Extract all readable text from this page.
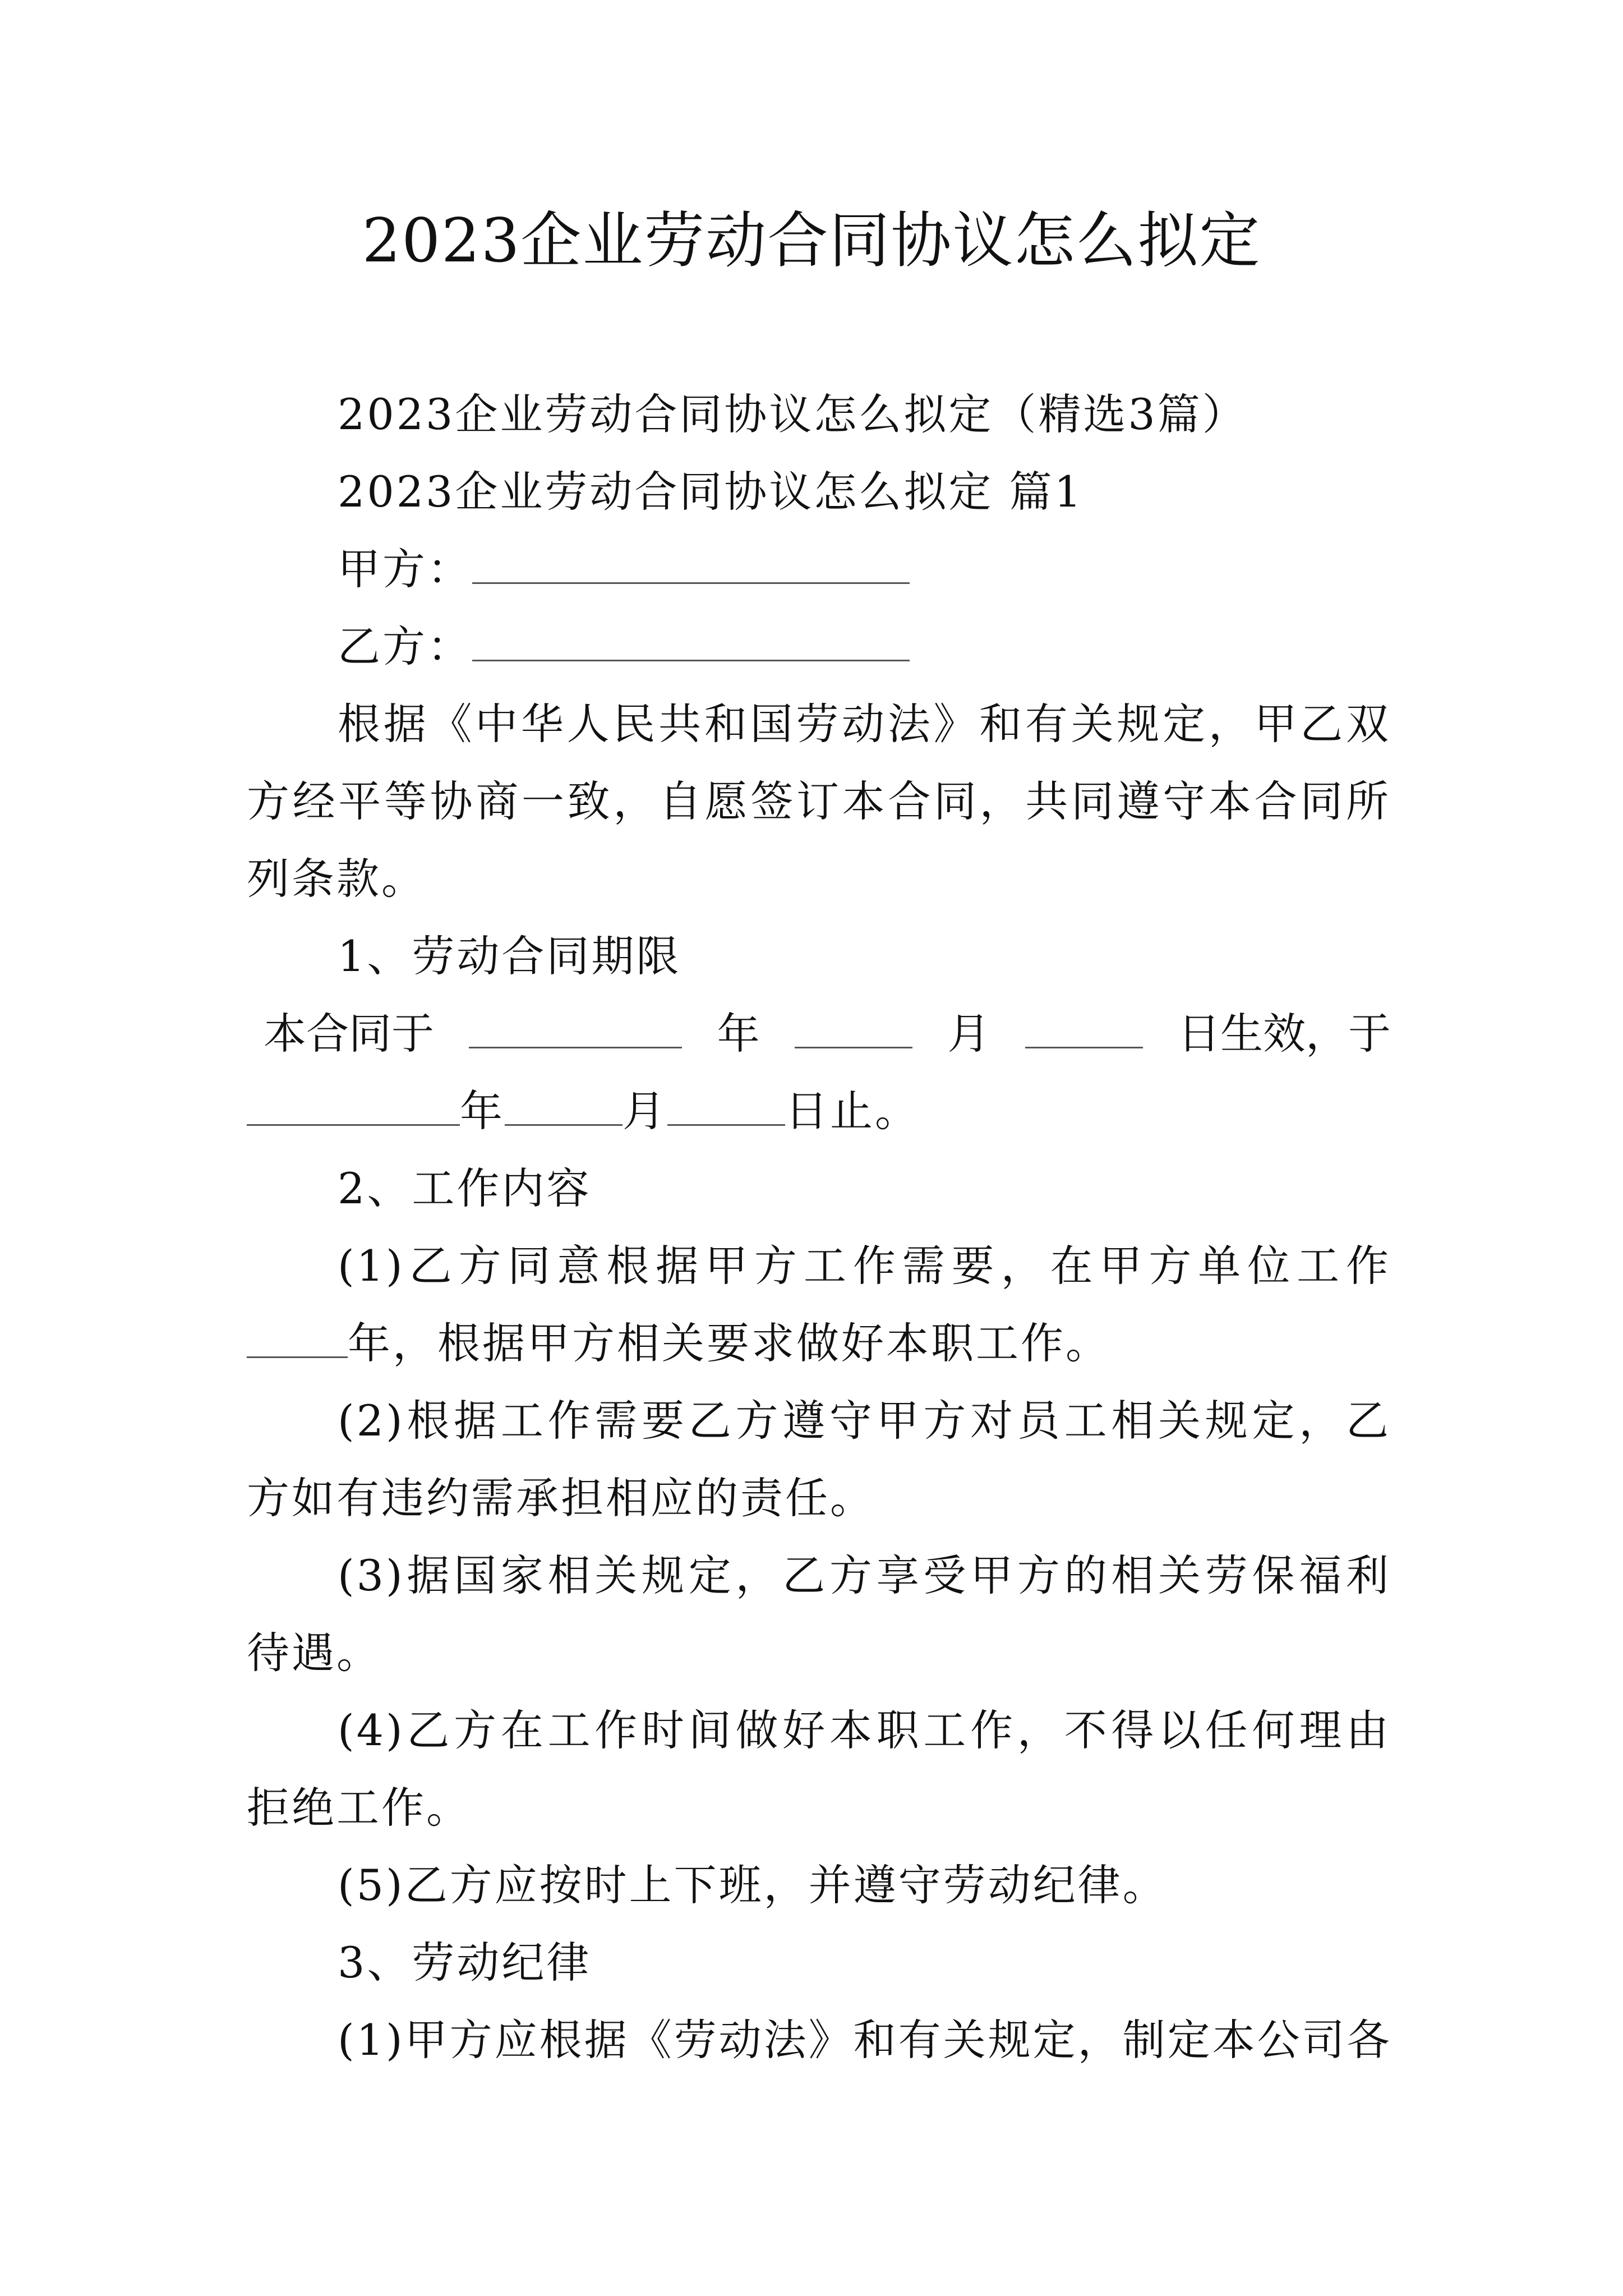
2023企业劳动合同协议怎么拟定

2023企业劳动合同协议怎么拟定（精选3篇）

2023企业劳动合同协议怎么拟定 篇1

甲方：

乙方：

根据《中华人民共和国劳动法》和有关规定，甲乙双方经平等协商一致，自愿签订本合同，共同遵守本合同所列条款。

1、劳动合同期限

本合同于	年	月	日生效，于

年	月	日止。

2、工作内容

(1)乙方同意根据甲方工作需要，在甲方单位工作年，根据甲方相关要求做好本职工作。

(2)根据工作需要乙方遵守甲方对员工相关规定，乙方如有违约需承担相应的责任。

(3)据国家相关规定，乙方享受甲方的相关劳保福利待遇。

(4)乙方在工作时间做好本职工作，不得以任何理由拒绝工作。

(5)乙方应按时上下班，并遵守劳动纪律。

3、劳动纪律

(1)甲方应根据《劳动法》和有关规定，制定本公司各
